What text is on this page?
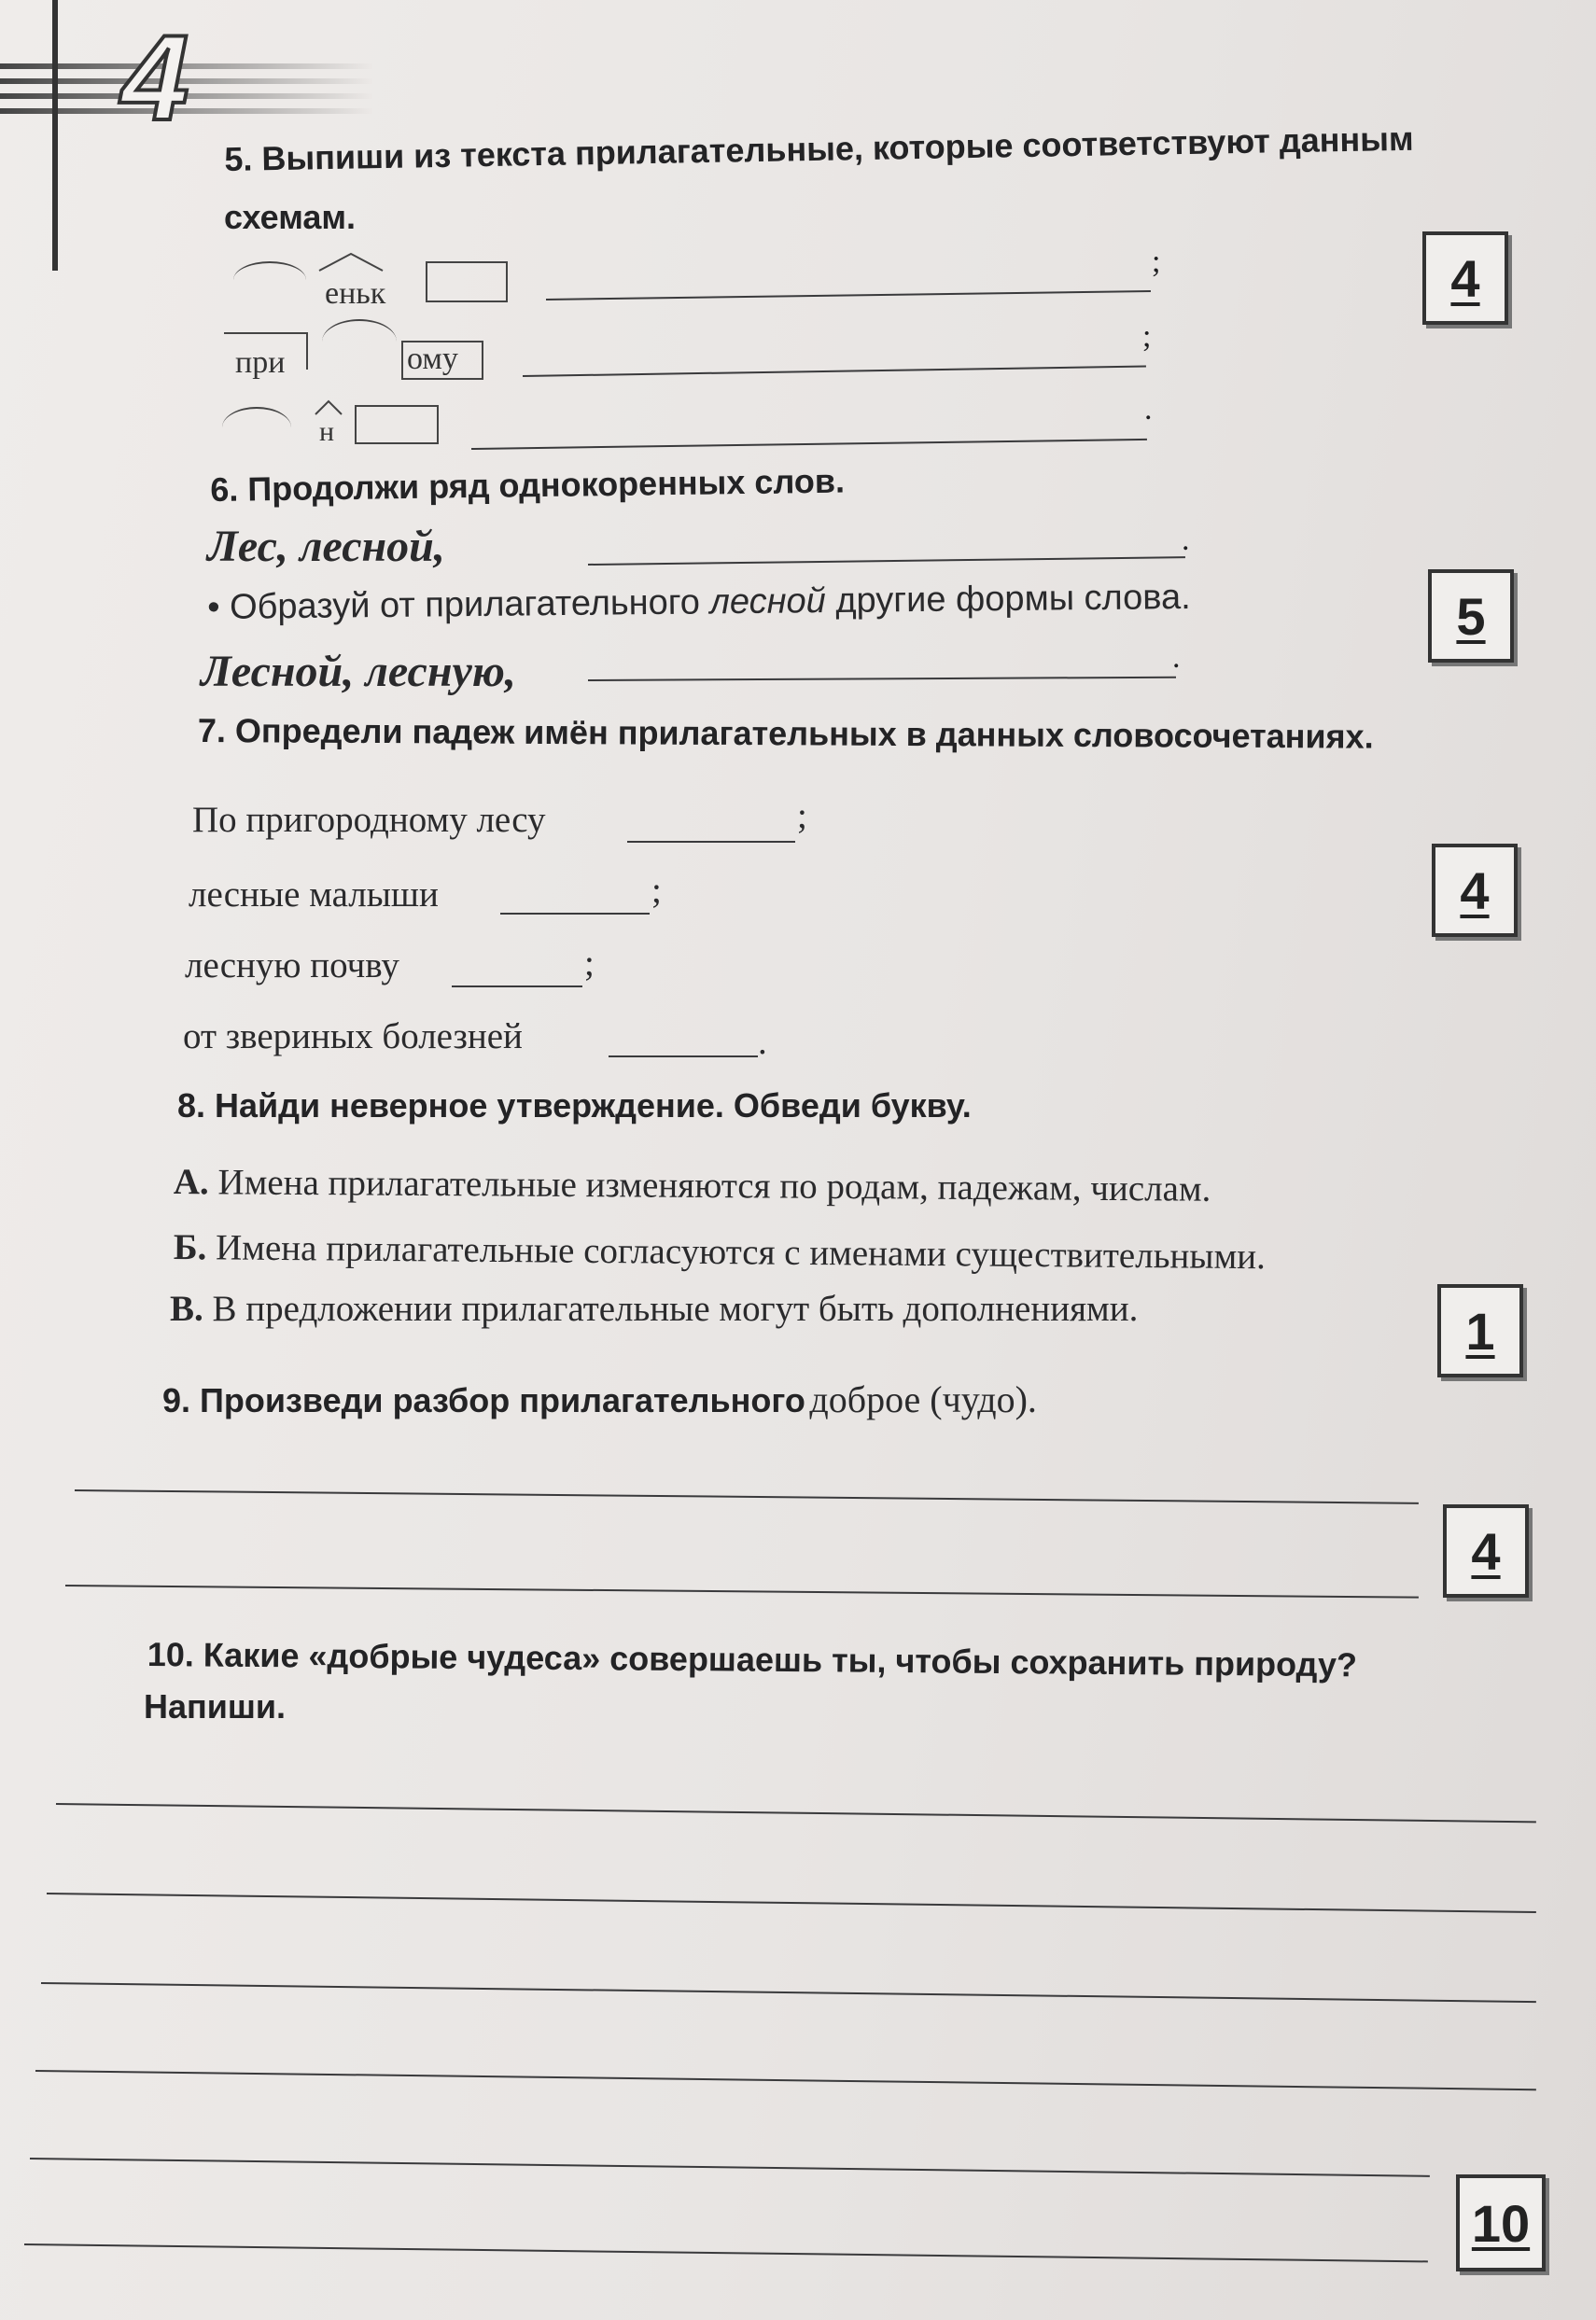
4
5. Выпиши из текста прилагательные, которые соответствуют данным
схемам.
еньк
;
при	ому
;
н
.
4
6. Продолжи ряд однокоренных слов.
Лес, лесной,	.
• Образуй от прилагательного лесной другие формы слова.
Лесной, лесную,	.
5
7. Определи падеж имён прилагательных в данных словосочетаниях.
По пригородному лесу	;
лесные малыши	;
лесную почву	;
от звериных болезней	.
4
8. Найди неверное утверждение. Обведи букву.
А. Имена прилагательные изменяются по родам, падежам, числам.
Б. Имена прилагательные согласуются с именами существительными.
В. В предложении прилагательные могут быть дополнениями.	1
9. Произведи разбор прилагательного доброе (чудо).
4
10. Какие «добрые чудеса» совершаешь ты, чтобы сохранить природу?
Напиши.
10
